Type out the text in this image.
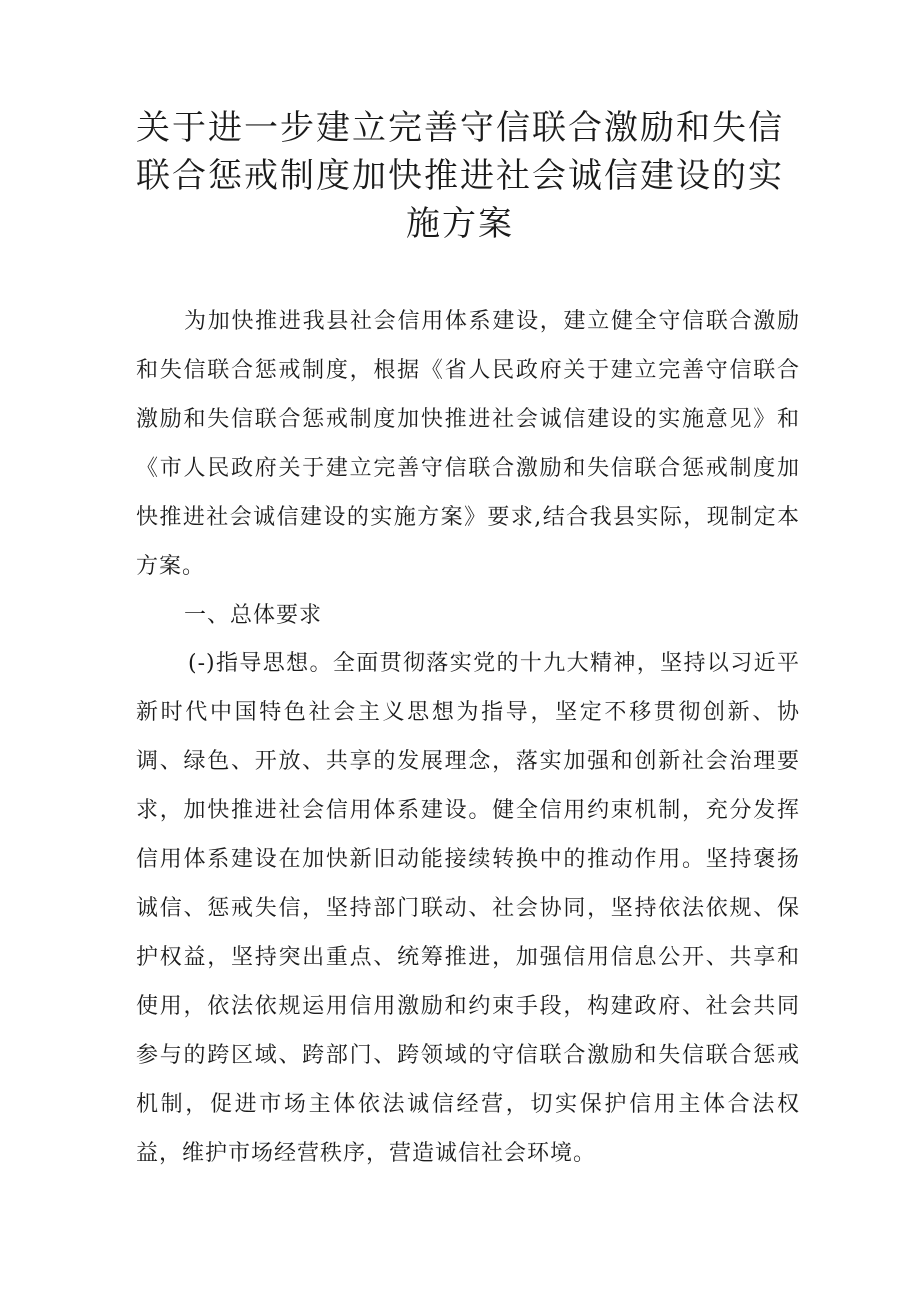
关于进一步建立完善守信联合激励和失信
联合惩戒制度加快推进社会诚信建设的实
施方案

为加快推进我县社会信用体系建设，建立健全守信联合激励和失信联合惩戒制度，根据《省人民政府关于建立完善守信联合激励和失信联合惩戒制度加快推进社会诚信建设的实施意见》和《市人民政府关于建立完善守信联合激励和失信联合惩戒制度加快推进社会诚信建设的实施方案》要求,结合我县实际，现制定本方案。

一、总体要求

(-)指导思想。全面贯彻落实党的十九大精神，坚持以习近平新时代中国特色社会主义思想为指导，坚定不移贯彻创新、协调、绿色、开放、共享的发展理念，落实加强和创新社会治理要求，加快推进社会信用体系建设。健全信用约束机制，充分发挥信用体系建设在加快新旧动能接续转换中的推动作用。坚持褒扬诚信、惩戒失信，坚持部门联动、社会协同，坚持依法依规、保护权益，坚持突出重点、统筹推进，加强信用信息公开、共享和使用，依法依规运用信用激励和约束手段，构建政府、社会共同参与的跨区域、跨部门、跨领域的守信联合激励和失信联合惩戒机制，促进市场主体依法诚信经营，切实保护信用主体合法权益，维护市场经营秩序，营造诚信社会环境。
